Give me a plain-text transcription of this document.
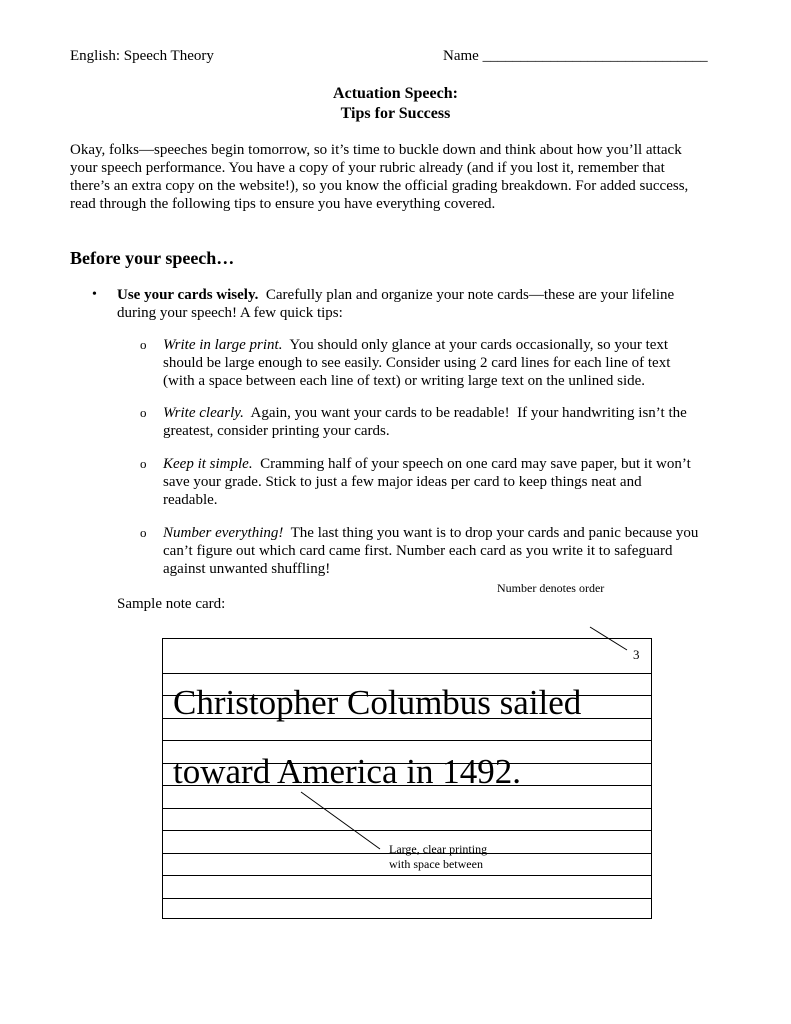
English: Speech Theory	Name ______________________________
Actuation Speech:
Tips for Success
Okay, folks—speeches begin tomorrow, so it’s time to buckle down and think about how you’ll attack
your speech performance. You have a copy of your rubric already (and if you lost it, remember that
there’s an extra copy on the website!), so you know the official grading breakdown. For added success,
read through the following tips to ensure you have everything covered.
Before your speech…
• Use your cards wisely.  Carefully plan and organize your note cards—these are your lifeline
during your speech! A few quick tips:
o Write in large print.  You should only glance at your cards occasionally, so your text
should be large enough to see easily. Consider using 2 card lines for each line of text
(with a space between each line of text) or writing large text on the unlined side.
o Write clearly.  Again, you want your cards to be readable!  If your handwriting isn’t the
greatest, consider printing your cards.
o Keep it simple.  Cramming half of your speech on one card may save paper, but it won’t
save your grade. Stick to just a few major ideas per card to keep things neat and
readable.
o Number everything!  The last thing you want is to drop your cards and panic because you
can’t figure out which card came first. Number each card as you write it to safeguard
against unwanted shuffling!
Number denotes order
Sample note card:
Christopher Columbus sailed
toward America in 1492.
3
Large, clear printing
with space between
